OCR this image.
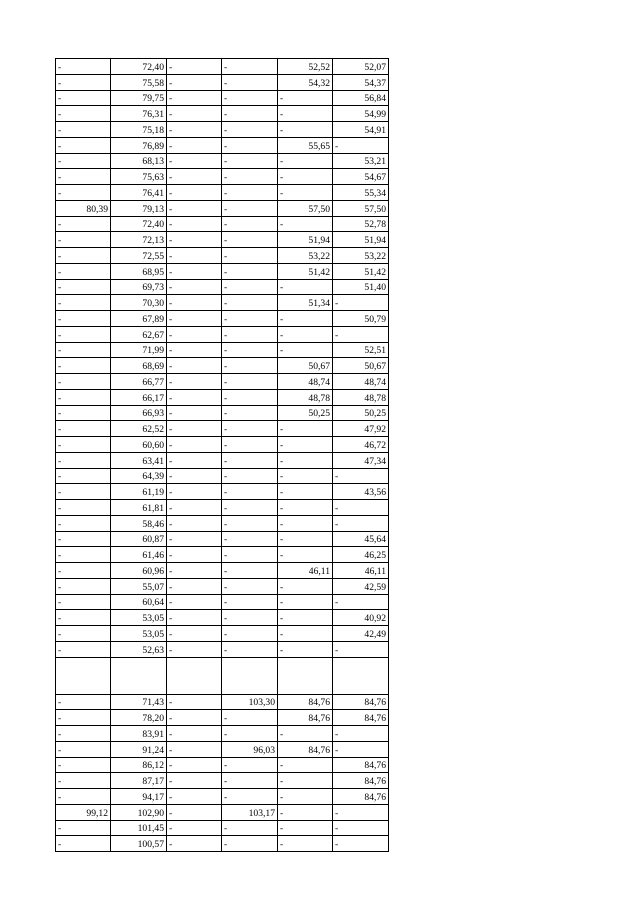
-	72,40	-	-	52,52	52,07
-	75,58	-	-	54,32	54,37
-	79,75	-	-	-	56,84
-	76,31	-	-	-	54,99
-	75,18	-	-	-	54,91
-	76,89	-	-	55,65	-
-	68,13	-	-	-	53,21
-	75,63	-	-	-	54,67
-	76,41	-	-	-	55,34
80,39	79,13	-	-	57,50	57,50
-	72,40	-	-	-	52,78
-	72,13	-	-	51,94	51,94
-	72,55	-	-	53,22	53,22
-	68,95	-	-	51,42	51,42
-	69,73	-	-	-	51,40
-	70,30	-	-	51,34	-
-	67,89	-	-	-	50,79
-	62,67	-	-	-	-
-	71,99	-	-	-	52,51
-	68,69	-	-	50,67	50,67
-	66,77	-	-	48,74	48,74
-	66,17	-	-	48,78	48,78
-	66,93	-	-	50,25	50,25
-	62,52	-	-	-	47,92
-	60,60	-	-	-	46,72
-	63,41	-	-	-	47,34
-	64,39	-	-	-	-
-	61,19	-	-	-	43,56
-	61,81	-	-	-	-
-	58,46	-	-	-	-
-	60,87	-	-	-	45,64
-	61,46	-	-	-	46,25
-	60,96	-	-	46,11	46,11
-	55,07	-	-	-	42,59
-	60,64	-	-	-	-
-	53,05	-	-	-	40,92
-	53,05	-	-	-	42,49
-	52,63	-	-	-	-

-	71,43	-	103,30	84,76	84,76
-	78,20	-	-	84,76	84,76
-	83,91	-	-	-	-
-	91,24	-	96,03	84,76	-
-	86,12	-	-	-	84,76
-	87,17	-	-	-	84,76
-	94,17	-	-	-	84,76
99,12	102,90	-	103,17	-	-
-	101,45	-	-	-	-
-	100,57	-	-	-	-
